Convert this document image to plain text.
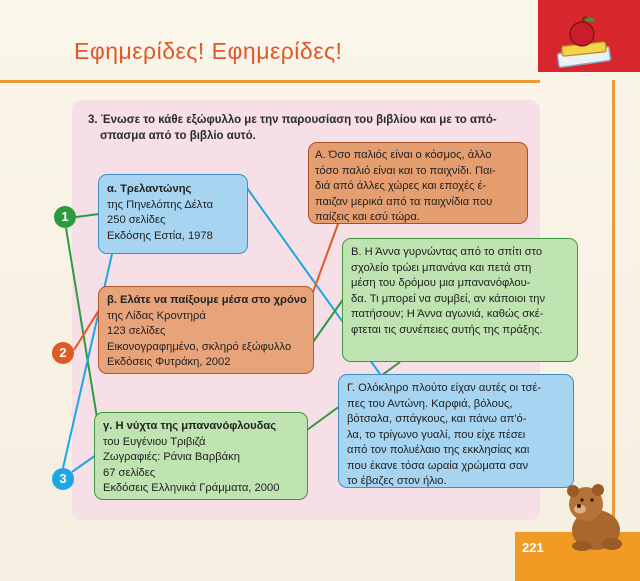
Εφημερίδες! Εφημερίδες!

3. Ένωσε το κάθε εξώφυλλο με την παρουσίαση του βιβλίου και με το από-
σπασμα από το βιβλίο αυτό.

1
2
3
α. Τρελαντώνης
της Πηνελόπης Δέλτα
250 σελίδες
Εκδόσης Εστία, 1978
β. Ελάτε να παίξουμε μέσα στο χρόνο
της Λίδας Κροντηρά
123 σελίδες
Εικονογραφημένο, σκληρό εξώφυλλο
Εκδόσεις Φυτράκη, 2002
γ. Η νύχτα της μπανανόφλουδας
του Ευγένιου Τριβιζά
Ζωγραφιές: Ράνια Βαρβάκη
67 σελίδες
Εκδόσεις Ελληνικά Γράμματα, 2000
Α. Όσο παλιός είναι ο κόσμος, άλλο
τόσο παλιό είναι και το παιχνίδι. Παι-
διά από άλλες χώρες και εποχές έ-
παιζαν μερικά από τα παιχνίδια που
παίζεις και εσύ τώρα.
Β. Η Άννα γυρνώντας από το σπίτι στο
σχολείο τρώει μπανάνα και πετά στη
μέση του δρόμου μια μπανανόφλου-
δα. Τι μπορεί να συμβεί, αν κάποιοι την
πατήσουν; Η Άννα αγωνιά, καθώς σκέ-
φτεται τις συνέπειες αυτής της πράξης.
Γ. Ολόκληρο πλούτο είχαν αυτές οι τσέ-
πες του Αντώνη. Καρφιά, βόλους,
βότσαλα, σπάγκους, και πάνω απ'ό-
λα, το τρίγωνο γυαλί, που είχε πέσει
από τον πολυέλαιο της εκκλησίας και
που έκανε τόσα ωραία χρώματα σαν
το έβαζες στον ήλιο.
221
